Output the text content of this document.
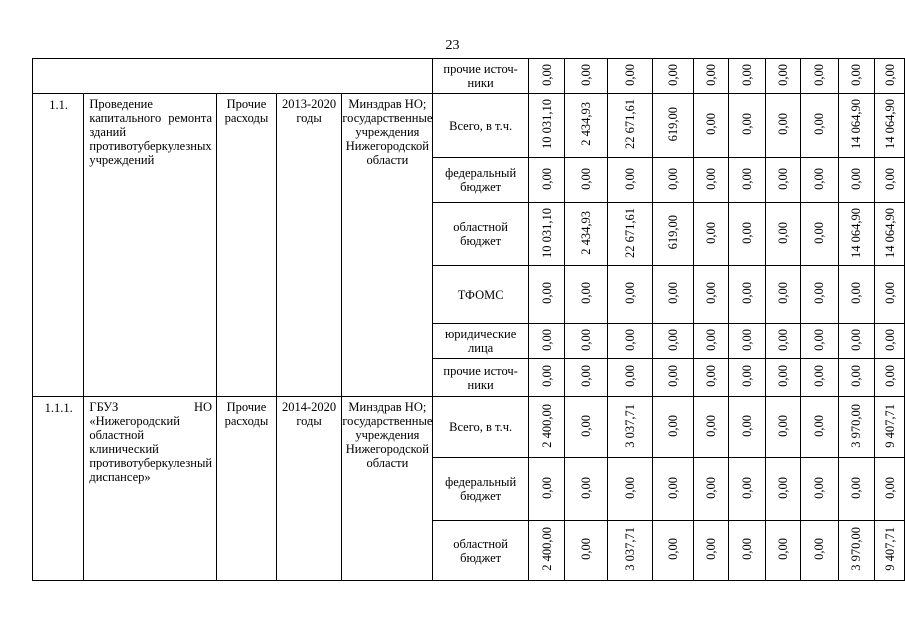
23
					прочие источ-ники	0,00	0,00	0,00	0,00	0,00	0,00	0,00	0,00	0,00	0,00
1.1.	Проведение капитального ремонта зданий противотуберкулезных учреждений	Прочие расходы	2013-2020 годы	Минздрав НО; государственные учреждения Нижегородской области	Всего, в т.ч.	10 031,10	2 434,93	22 671,61	619,00	0,00	0,00	0,00	0,00	14 064,90	14 064,90
					федеральный бюджет	0,00	0,00	0,00	0,00	0,00	0,00	0,00	0,00	0,00	0,00
					областной бюджет	10 031,10	2 434,93	22 671,61	619,00	0,00	0,00	0,00	0,00	14 064,90	14 064,90
					ТФОМС	0,00	0,00	0,00	0,00	0,00	0,00	0,00	0,00	0,00	0,00
					юридические лица	0,00	0,00	0,00	0,00	0,00	0,00	0,00	0,00	0,00	0,00
					прочие источ-ники	0,00	0,00	0,00	0,00	0,00	0,00	0,00	0,00	0,00	0,00
1.1.1.	ГБУЗ НО «Нижегородский областной клинический противотуберкулезный диспансер»	Прочие расходы	2014-2020 годы	Минздрав НО; государственные учреждения Нижегородской области	Всего, в т.ч.	2 400,00	0,00	3 037,71	0,00	0,00	0,00	0,00	0,00	3 970,00	9 407,71
					федеральный бюджет	0,00	0,00	0,00	0,00	0,00	0,00	0,00	0,00	0,00	0,00
					областной бюджет	2 400,00	0,00	3 037,71	0,00	0,00	0,00	0,00	0,00	3 970,00	9 407,71
